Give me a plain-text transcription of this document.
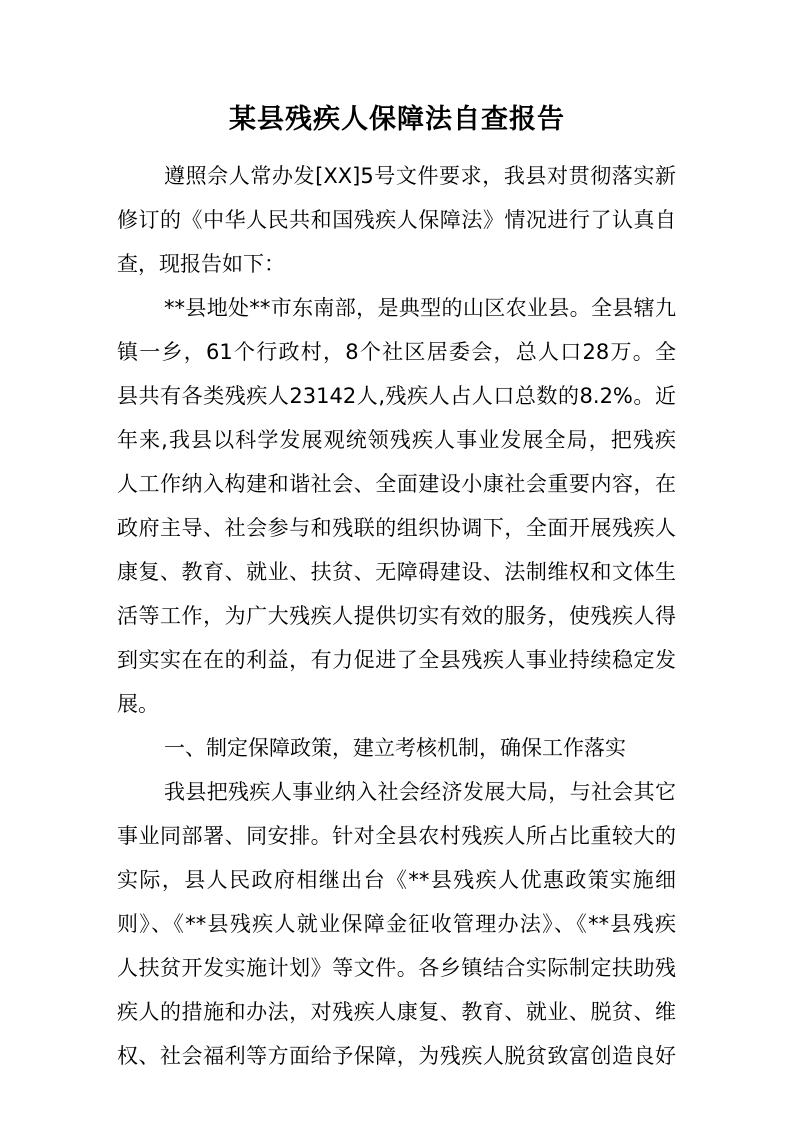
某县残疾人保障法自查报告
遵照佘人常办发[XX]5号文件要求，我县对贯彻落实新
修订的《中华人民共和国残疾人保障法》情况进行了认真自
查，现报告如下：
**县地处**市东南部，是典型的山区农业县。全县辖九
镇一乡，61个行政村，8个社区居委会，总人口28万。全
县共有各类残疾人23142人,残疾人占人口总数的8.2%。近
年来,我县以科学发展观统领残疾人事业发展全局，把残疾
人工作纳入构建和谐社会、全面建设小康社会重要内容，在
政府主导、社会参与和残联的组织协调下，全面开展残疾人
康复、教育、就业、扶贫、无障碍建设、法制维权和文体生
活等工作，为广大残疾人提供切实有效的服务，使残疾人得
到实实在在的利益，有力促进了全县残疾人事业持续稳定发
展。
一、制定保障政策，建立考核机制，确保工作落实
我县把残疾人事业纳入社会经济发展大局，与社会其它
事业同部署、同安排。针对全县农村残疾人所占比重较大的
实际，县人民政府相继出台《**县残疾人优惠政策实施细
则》、《**县残疾人就业保障金征收管理办法》、《**县残疾
人扶贫开发实施计划》等文件。各乡镇结合实际制定扶助残
疾人的措施和办法，对残疾人康复、教育、就业、脱贫、维
权、社会福利等方面给予保障，为残疾人脱贫致富创造良好
